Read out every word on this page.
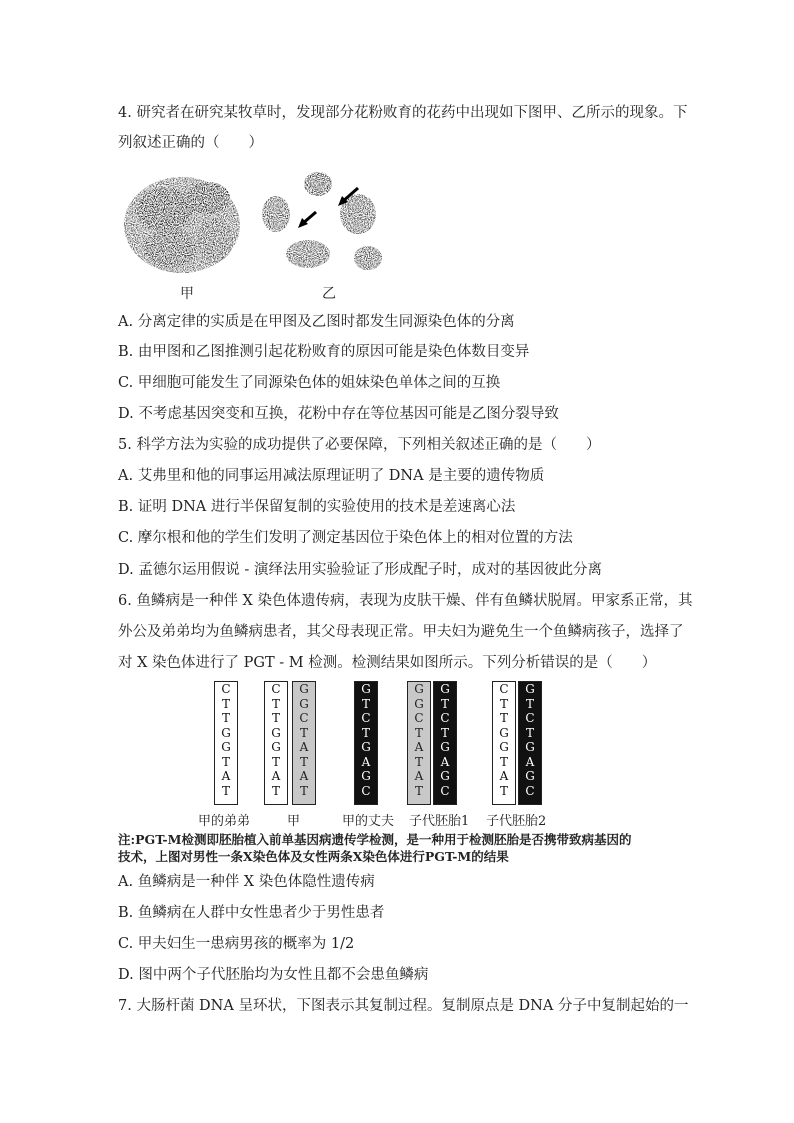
4. 研究者在研究某牧草时，发现部分花粉败育的花药中出现如下图甲、乙所示的现象。下
列叙述正确的（　　）
甲	乙
A. 分离定律的实质是在甲图及乙图时都发生同源染色体的分离
B. 由甲图和乙图推测引起花粉败育的原因可能是染色体数目变异
C. 甲细胞可能发生了同源染色体的姐妹染色单体之间的互换
D. 不考虑基因突变和互换，花粉中存在等位基因可能是乙图分裂导致
5. 科学方法为实验的成功提供了必要保障，下列相关叙述正确的是（　　）
A. 艾弗里和他的同事运用减法原理证明了 DNA 是主要的遗传物质
B. 证明 DNA 进行半保留复制的实验使用的技术是差速离心法
C. 摩尔根和他的学生们发明了测定基因位于染色体上的相对位置的方法
D. 孟德尔运用假说 - 演绎法用实验验证了形成配子时，成对的基因彼此分离
6. 鱼鳞病是一种伴 X 染色体遗传病，表现为皮肤干燥、伴有鱼鳞状脱屑。甲家系正常，其
外公及弟弟均为鱼鳞病患者，其父母表现正常。甲夫妇为避免生一个鱼鳞病孩子，选择了
对 X 染色体进行了 PGT - M 检测。检测结果如图所示。下列分析错误的是（　　）
C
T
T
G
G
T
A
T
C
T
T
G
G
T
A
T
G
G
C
T
A
T
A
T
G
T
C
T
G
A
G
C
G
G
C
T
A
T
A
T
G
T
C
T
G
A
G
C
C
T
T
G
G
T
A
T
G
T
C
T
G
A
G
C
甲的弟弟	甲	甲的丈夫 子代胚胎1 子代胚胎2
注:PGT-M检测即胚胎植入前单基因病遗传学检测，是一种用于检测胚胎是否携带致病基因的
技术，上图对男性一条X染色体及女性两条X染色体进行PGT-M的结果
A. 鱼鳞病是一种伴 X 染色体隐性遗传病
B. 鱼鳞病在人群中女性患者少于男性患者
C. 甲夫妇生一患病男孩的概率为 1/2
D. 图中两个子代胚胎均为女性且都不会患鱼鳞病
7. 大肠杆菌 DNA 呈环状，下图表示其复制过程。复制原点是 DNA 分子中复制起始的一
